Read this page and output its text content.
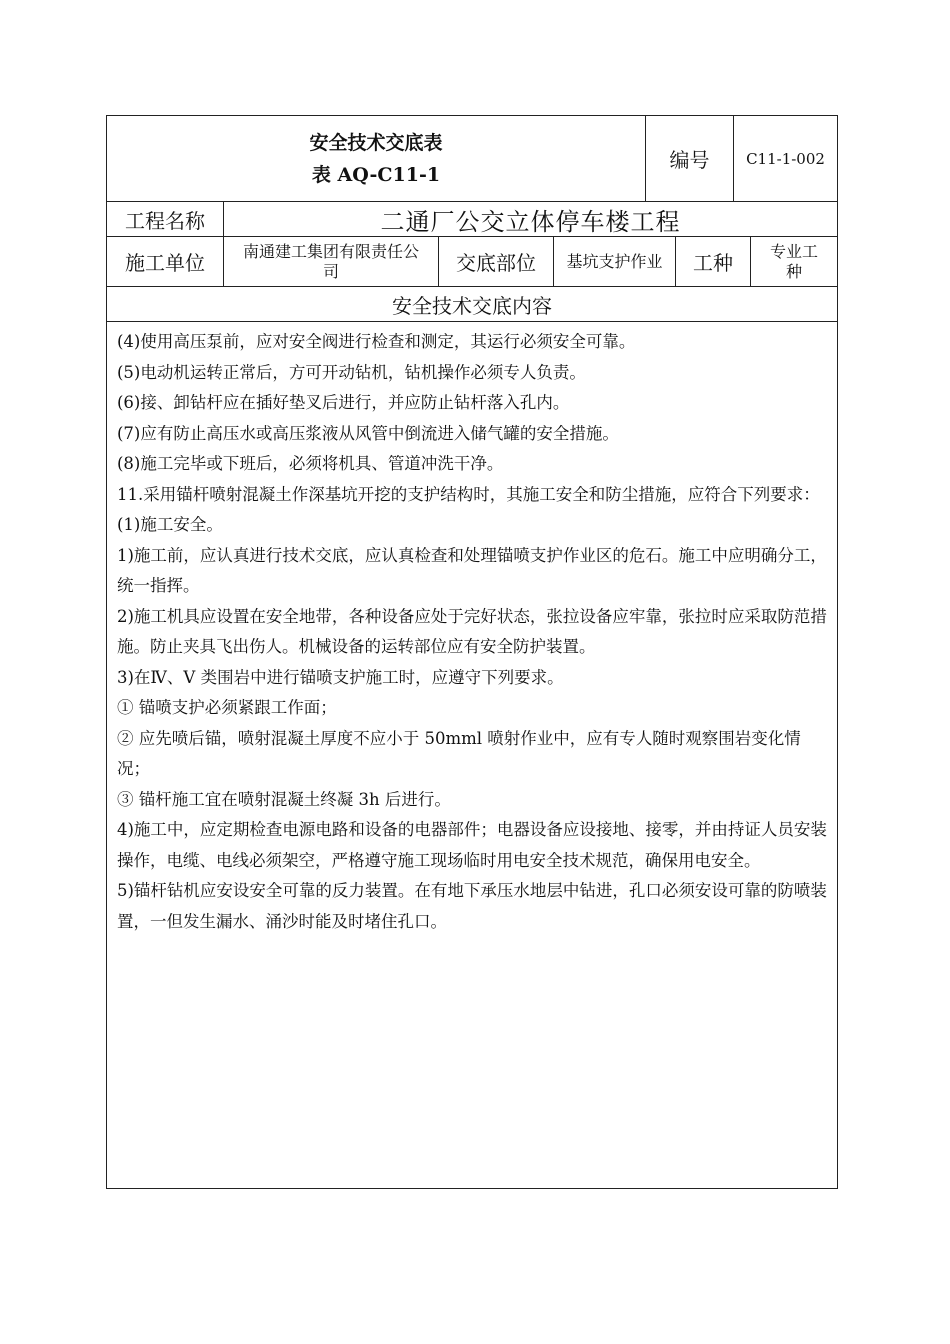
安全技术交底表
表 AQ-C11-1
编号	C11-1-002
工程名称	二通厂公交立体停车楼工程
施工单位	南通建工集团有限责任公司	交底部位	基坑支护作业	工种	专业工种
安全技术交底内容

(4)使用高压泵前，应对安全阀进行检查和测定，其运行必须安全可靠。

(5)电动机运转正常后，方可开动钻机，钻机操作必须专人负责。

(6)接、卸钻杆应在插好垫叉后进行，并应防止钻杆落入孔内。

(7)应有防止高压水或高压浆液从风管中倒流进入储气罐的安全措施。

(8)施工完毕或下班后，必须将机具、管道冲洗干净。

11.采用锚杆喷射混凝土作深基坑开挖的支护结构时，其施工安全和防尘措施，应符合下列要求：

(1)施工安全。

1)施工前，应认真进行技术交底，应认真检查和处理锚喷支护作业区的危石。施工中应明确分工，统一指挥。

2)施工机具应设置在安全地带，各种设备应处于完好状态，张拉设备应牢靠，张拉时应采取防范措施。防止夹具飞出伤人。机械设备的运转部位应有安全防护装置。

3)在Ⅳ、V 类围岩中进行锚喷支护施工时，应遵守下列要求。

① 锚喷支护必须紧跟工作面；

② 应先喷后锚，喷射混凝土厚度不应小于 50mml 喷射作业中，应有专人随时观察围岩变化情况；

③ 锚杆施工宜在喷射混凝土终凝 3h 后进行。

4)施工中，应定期检查电源电路和设备的电器部件；电器设备应设接地、接零，并由持证人员安装操作，电缆、电线必须架空，严格遵守施工现场临时用电安全技术规范，确保用电安全。

5)锚杆钻机应安设安全可靠的反力装置。在有地下承压水地层中钻进，孔口必须安设可靠的防喷装置，一但发生漏水、涌沙时能及时堵住孔口。
